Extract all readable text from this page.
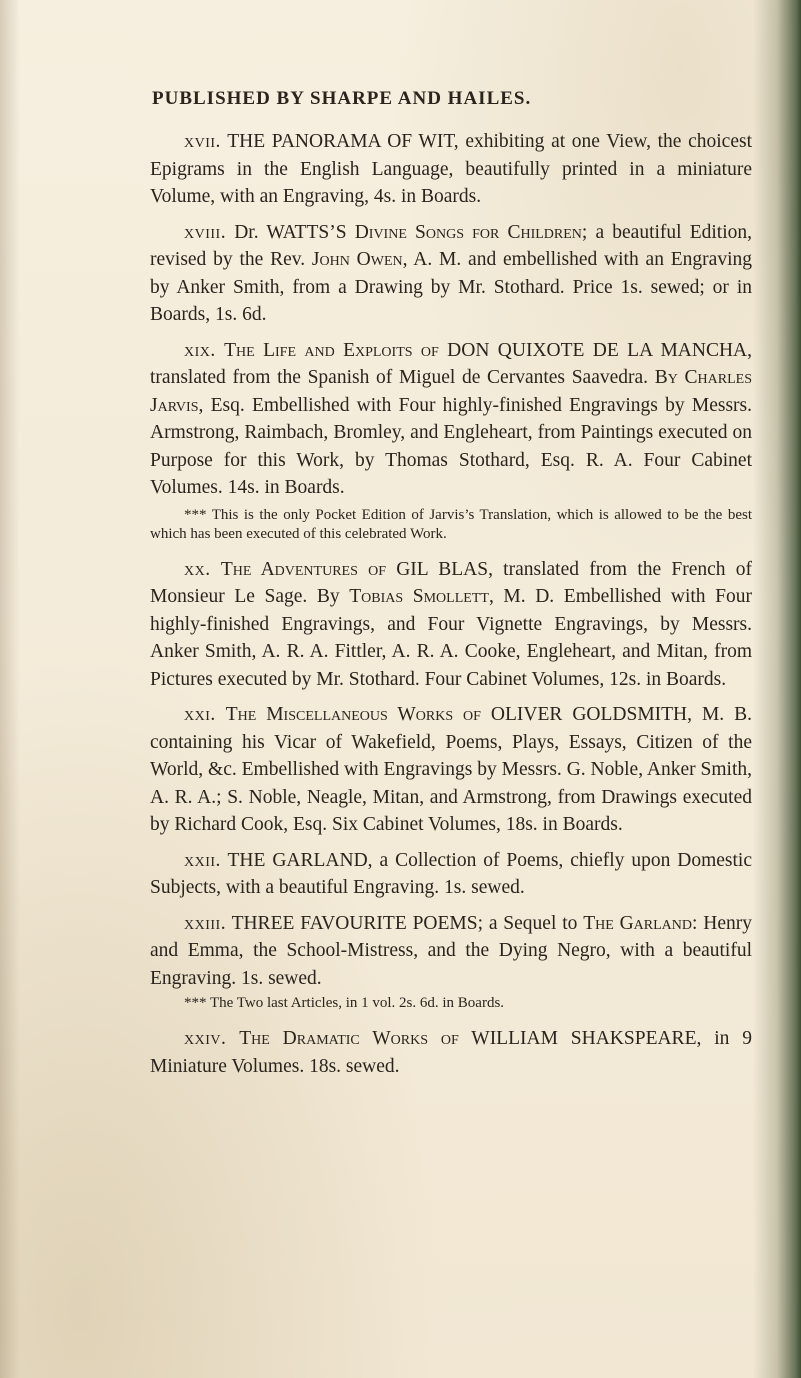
PUBLISHED BY SHARPE AND HAILES.

xvii. THE PANORAMA OF WIT, exhibiting at one View, the choicest Epigrams in the English Language, beautifully printed in a miniature Volume, with an Engraving, 4s. in Boards.

xviii. Dr. WATTS’S Divine Songs for Children; a beautiful Edition, revised by the Rev. John Owen, A. M. and embellished with an Engraving by Anker Smith, from a Drawing by Mr. Stothard. Price 1s. sewed; or in Boards, 1s. 6d.

xix. The Life and Exploits of DON QUIXOTE DE LA MANCHA, translated from the Spanish of Miguel de Cervantes Saavedra. By Charles Jarvis, Esq. Embellished with Four highly-finished Engravings by Messrs. Armstrong, Raimbach, Bromley, and Engleheart, from Paintings executed on Purpose for this Work, by Thomas Stothard, Esq. R. A. Four Cabinet Volumes. 14s. in Boards.

*** This is the only Pocket Edition of Jarvis’s Translation, which is allowed to be the best which has been executed of this celebrated Work.

xx. The Adventures of GIL BLAS, translated from the French of Monsieur Le Sage. By Tobias Smollett, M. D. Embellished with Four highly-finished Engravings, and Four Vignette Engravings, by Messrs. Anker Smith, A. R. A. Fittler, A. R. A. Cooke, Engleheart, and Mitan, from Pictures executed by Mr. Stothard. Four Cabinet Volumes, 12s. in Boards.

xxi. The Miscellaneous Works of OLIVER GOLDSMITH, M. B. containing his Vicar of Wakefield, Poems, Plays, Essays, Citizen of the World, &c. Embellished with Engravings by Messrs. G. Noble, Anker Smith, A. R. A.; S. Noble, Neagle, Mitan, and Armstrong, from Drawings executed by Richard Cook, Esq. Six Cabinet Volumes, 18s. in Boards.

xxii. THE GARLAND, a Collection of Poems, chiefly upon Domestic Subjects, with a beautiful Engraving. 1s. sewed.

xxiii. THREE FAVOURITE POEMS; a Sequel to The Garland: Henry and Emma, the School-Mistress, and the Dying Negro, with a beautiful Engraving. 1s. sewed.

*** The Two last Articles, in 1 vol. 2s. 6d. in Boards.

xxiv. The Dramatic Works of WILLIAM SHAKSPEARE, in 9 Miniature Volumes. 18s. sewed.
